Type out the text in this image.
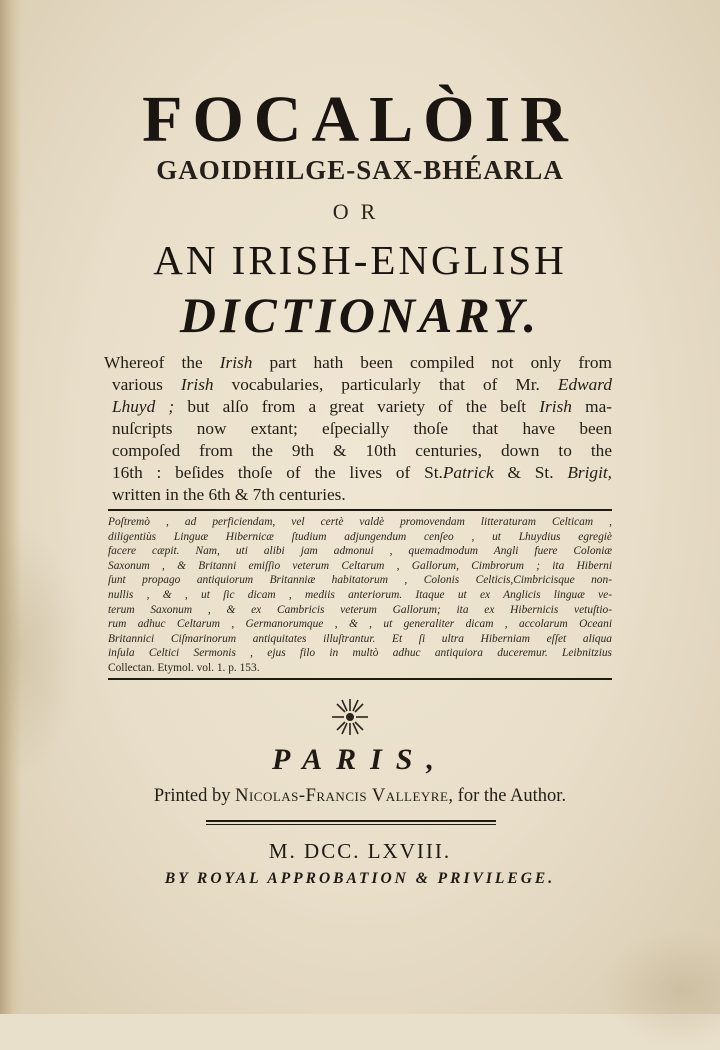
FOCALÒIR
GAOIDHILGE-SAX-BHÉARLA
OR
AN IRISH-ENGLISH
DICTIONARY.
Whereof the Irish part hath been compiled not only from
various Irish vocabularies, particularly that of Mr. Edward
Lhuyd ; but alſo from a great variety of the beſt Irish ma-
nuſcripts now extant; eſpecially thoſe that have been
compoſed from the 9th & 10th centuries, down to the
16th : beſides thoſe of the lives of St.Patrick & St. Brigit,
written in the 6th & 7th centuries.
Poſtremò , ad perficiendam, vel certè valdè promovendam litteraturam Celticam ,
diligentiùs Linguæ Hibernicæ ſtudium adjungendum cenſeo , ut Lhuydius egregiè
facere cæpit. Nam, uti alibi jam admonui , quemadmodum Angli fuere Coloniæ
Saxonum , & Britanni emiſſio veterum Celtarum , Gallorum, Cimbrorum ; ita Hiberni
ſunt propago antiquiorum Britanniæ habitatorum , Colonis Celticis,Cimbricisque non-
nullis , & , ut ſic dicam , mediis anteriorum. Itaque ut ex Anglicis linguæ ve-
terum Saxonum , & ex Cambricis veterum Gallorum; ita ex Hibernicis vetuſtio-
rum adhuc Celtarum , Germanorumque , & , ut generaliter dicam , accolarum Oceani
Britannici Ciſmarinorum antiquitates illuſtrantur. Et ſi ultra Hiberniam eſſet aliqua
inſula Celtici Sermonis , ejus filo in multò adhuc antiquiora duceremur. Leibnitzius
Collectan. Etymol. vol. 1. p. 153.
PARIS,
Printed by Nicolas-Francis Valleyre, for the Author.
M. DCC. LXVIII.
BY ROYAL APPROBATION & PRIVILEGE.
